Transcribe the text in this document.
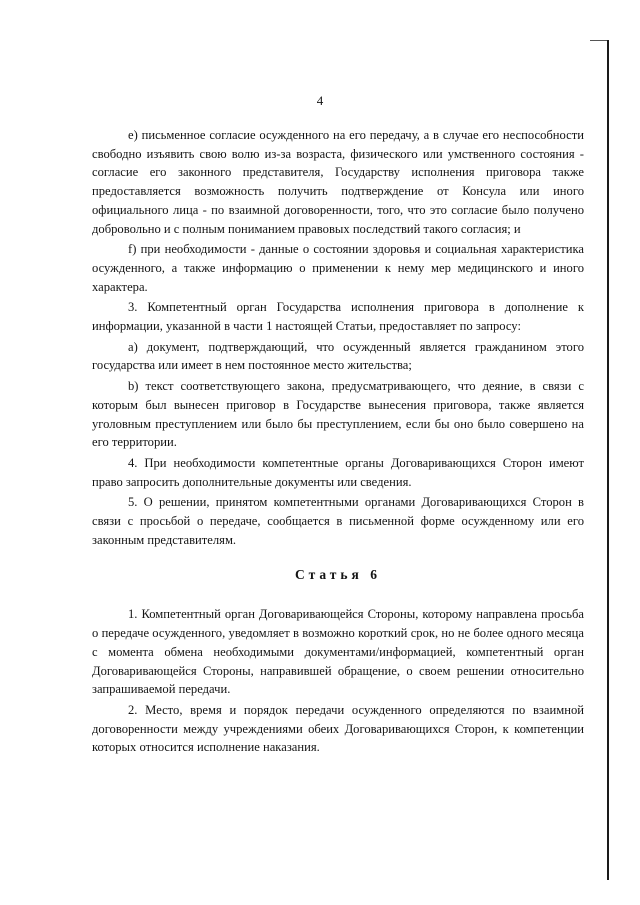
4

е) письменное согласие осужденного на его передачу, а в случае его неспособности свободно изъявить свою волю из-за возраста, физического или умственного состояния - согласие его законного представителя, Государству исполнения приговора также предоставляется возможность получить подтверждение от Консула или иного официального лица - по взаимной договоренности, того, что это согласие было получено добровольно и с полным пониманием правовых последствий такого согласия; и

f) при необходимости - данные о состоянии здоровья и социальная характеристика осужденного, а также информацию о применении к нему мер медицинского и иного характера.

3. Компетентный орган Государства исполнения приговора в дополнение к информации, указанной в части 1 настоящей Статьи, предоставляет по запросу:

а) документ, подтверждающий, что осужденный является гражданином этого государства или имеет в нем постоянное место жительства;

b) текст соответствующего закона, предусматривающего, что деяние, в связи с которым был вынесен приговор в Государстве вынесения приговора, также является уголовным преступлением или было бы преступлением, если бы оно было совершено на его территории.

4. При необходимости компетентные органы Договаривающихся Сторон имеют право запросить дополнительные документы или сведения.

5. О решении, принятом компетентными органами Договаривающихся Сторон в связи с просьбой о передаче, сообщается в письменной форме осужденному или его законным представителям.

Статья 6

1. Компетентный орган Договаривающейся Стороны, которому направлена просьба о передаче осужденного, уведомляет в возможно короткий срок, но не более одного месяца с момента обмена необходимыми документами/информацией, компетентный орган Договаривающейся Стороны, направившей обращение, о своем решении относительно запрашиваемой передачи.

2. Место, время и порядок передачи осужденного определяются по взаимной договоренности между учреждениями обеих Договаривающихся Сторон, к компетенции которых относится исполнение наказания.
